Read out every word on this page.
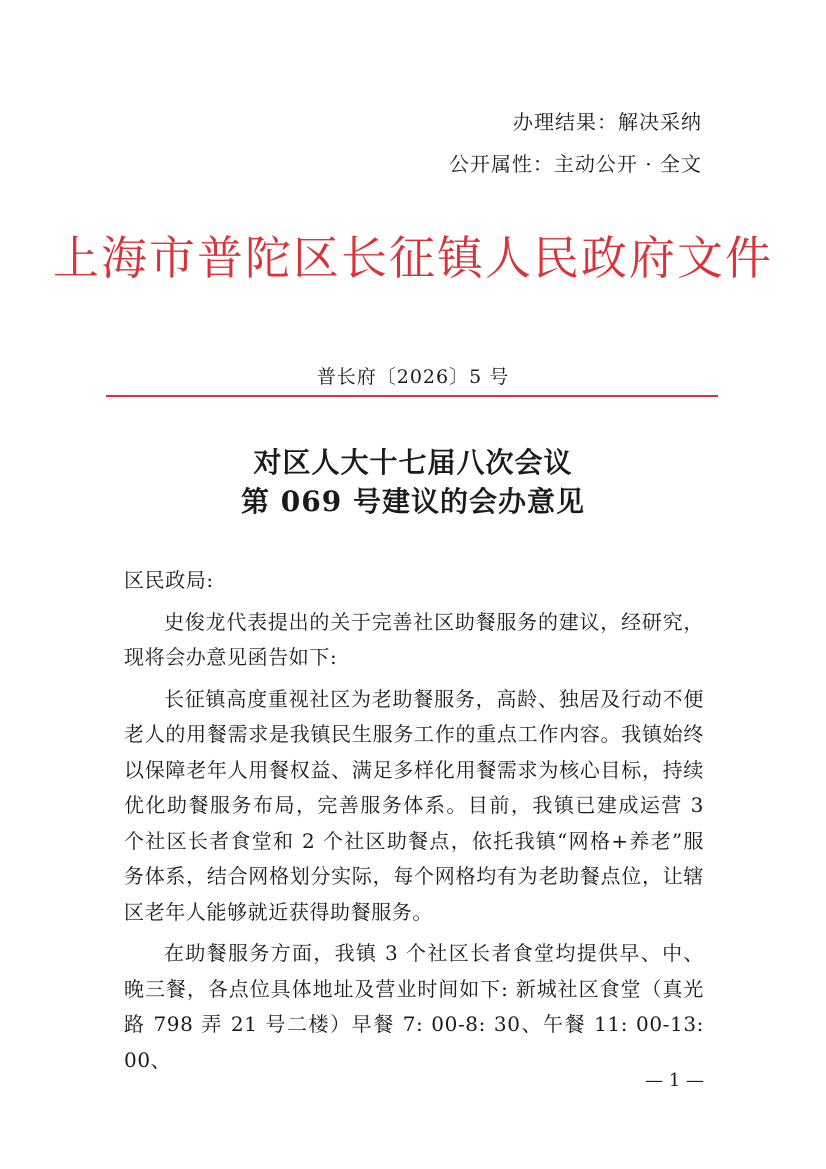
办理结果：解决采纳
公开属性：主动公开 · 全文
上海市普陀区长征镇人民政府文件
普长府〔2026〕5 号
对区人大十七届八次会议
第 069 号建议的会办意见

区民政局:

史俊龙代表提出的关于完善社区助餐服务的建议，经研究，现将会办意见函告如下:

长征镇高度重视社区为老助餐服务，高龄、独居及行动不便老人的用餐需求是我镇民生服务工作的重点工作内容。我镇始终以保障老年人用餐权益、满足多样化用餐需求为核心目标，持续优化助餐服务布局，完善服务体系。目前，我镇已建成运营 3 个社区长者食堂和 2 个社区助餐点，依托我镇“网格+养老”服务体系，结合网格划分实际，每个网格均有为老助餐点位，让辖区老年人能够就近获得助餐服务。

在助餐服务方面，我镇 3 个社区长者食堂均提供早、中、晚三餐，各点位具体地址及营业时间如下: 新城社区食堂（真光路 798 弄 21 号二楼）早餐 7: 00-8: 30、午餐 11: 00-13: 00、

— 1 —
